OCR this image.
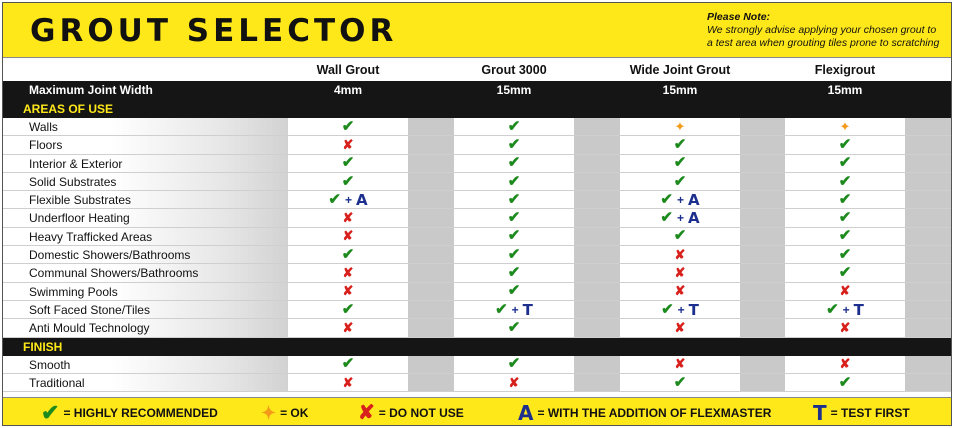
GROUT SELECTOR	Please Note:
We strongly advise applying your chosen grout to
a test area when grouting tiles prone to scratching
Wall Grout	Grout 3000	Wide Joint Grout	Flexigrout
Maximum Joint Width	4mm	15mm	15mm	15mm
AREAS OF USE
Walls	✔	✔	✦	✦
Floors	✘	✔	✔	✔
Interior & Exterior	✔	✔	✔	✔
Solid Substrates	✔	✔	✔	✔
Flexible Substrates	✔ + A	✔	✔ + A	✔
Underfloor Heating	✘	✔	✔ + A	✔
Heavy Trafficked Areas	✘	✔	✔	✔
Domestic Showers/Bathrooms	✔	✔	✘	✔
Communal Showers/Bathrooms	✘	✔	✘	✔
Swimming Pools	✘	✔	✘	✘
Soft Faced Stone/Tiles	✔	✔ + T	✔ + T	✔ + T
Anti Mould Technology	✘	✔	✘	✘
FINISH
Smooth	✔	✔	✘	✘
Traditional	✘	✘	✔	✔
✔ = HIGHLY RECOMMENDED ✦ = OK ✘ = DO NOT USE	A = WITH THE ADDITION OF FLEXMASTER T = TEST FIRST
